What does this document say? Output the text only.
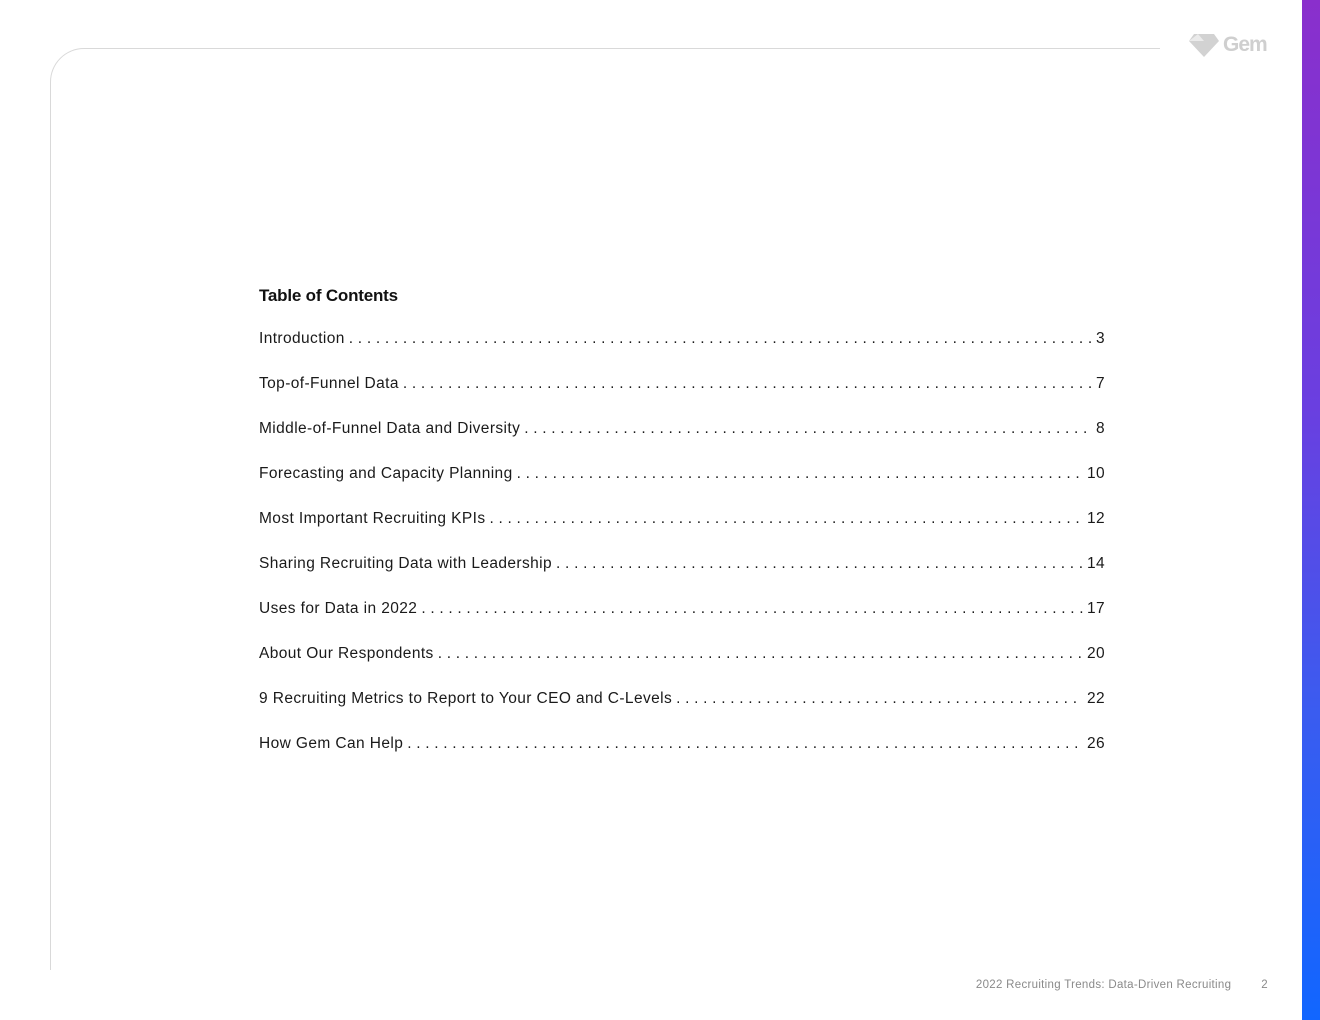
Gem
Table of Contents
Introduction . . .	3
Top-of-Funnel Data . . .	7
Middle-of-Funnel Data and Diversity . . .	8
Forecasting and Capacity Planning . . .	10
Most Important Recruiting KPIs . . .	12
Sharing Recruiting Data with Leadership . . .	14
Uses for Data in 2022 . . .	17
About Our Respondents . . .	20
9 Recruiting Metrics to Report to Your CEO and C-Levels . . .	22
How Gem Can Help . . .	26
2022 Recruiting Trends: Data-Driven Recruiting	2
